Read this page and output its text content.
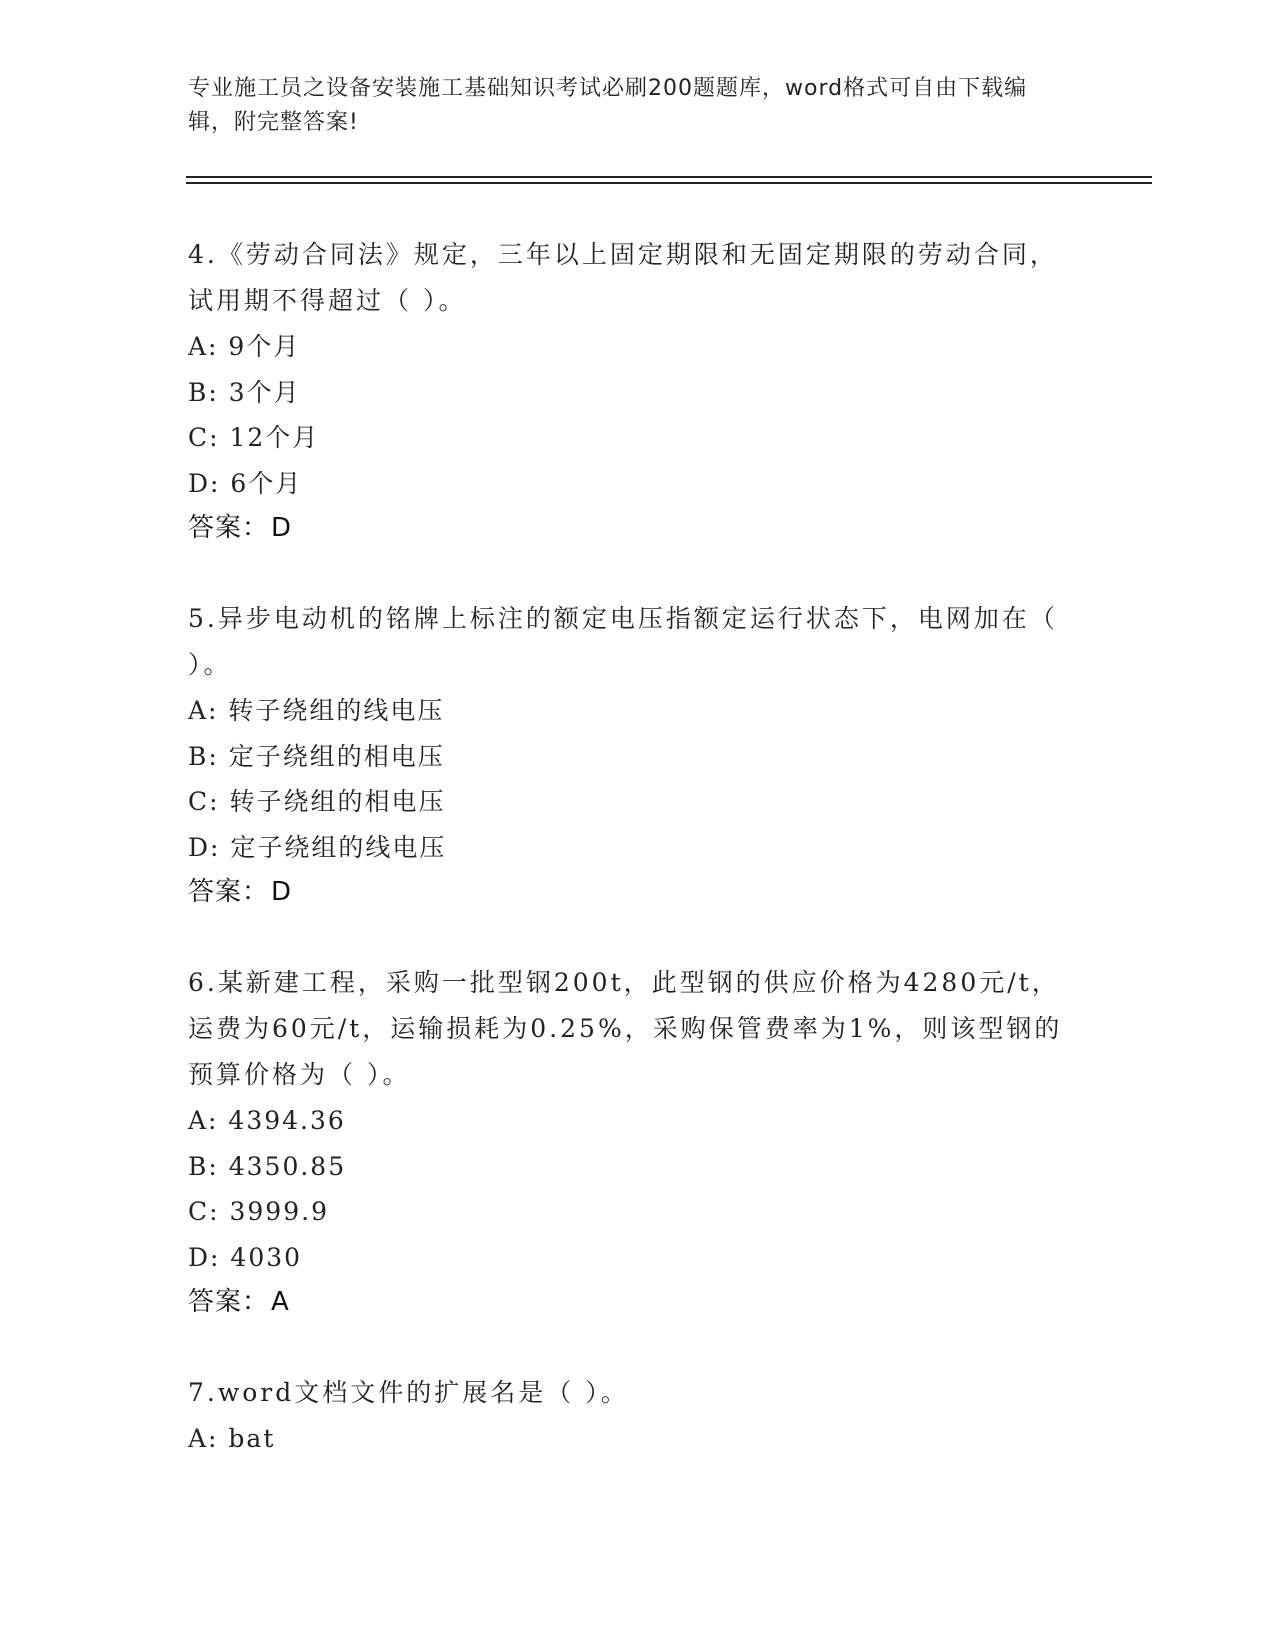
专业施工员之设备安装施工基础知识考试必刷200题题库，word格式可自由下载编辑，附完整答案!
4.《劳动合同法》规定，三年以上固定期限和无固定期限的劳动合同，试用期不得超过（ ）。
A: 9个月
B: 3个月
C: 12个月
D: 6个月
答案：D
5.异步电动机的铭牌上标注的额定电压指额定运行状态下，电网加在（ ）。
A: 转子绕组的线电压
B: 定子绕组的相电压
C: 转子绕组的相电压
D: 定子绕组的线电压
答案：D
6.某新建工程，采购一批型钢200t，此型钢的供应价格为4280元/t，运费为60元/t，运输损耗为0.25%，采购保管费率为1%，则该型钢的预算价格为（ ）。
A: 4394.36
B: 4350.85
C: 3999.9
D: 4030
答案：A
7.word文档文件的扩展名是（ ）。
A: bat
